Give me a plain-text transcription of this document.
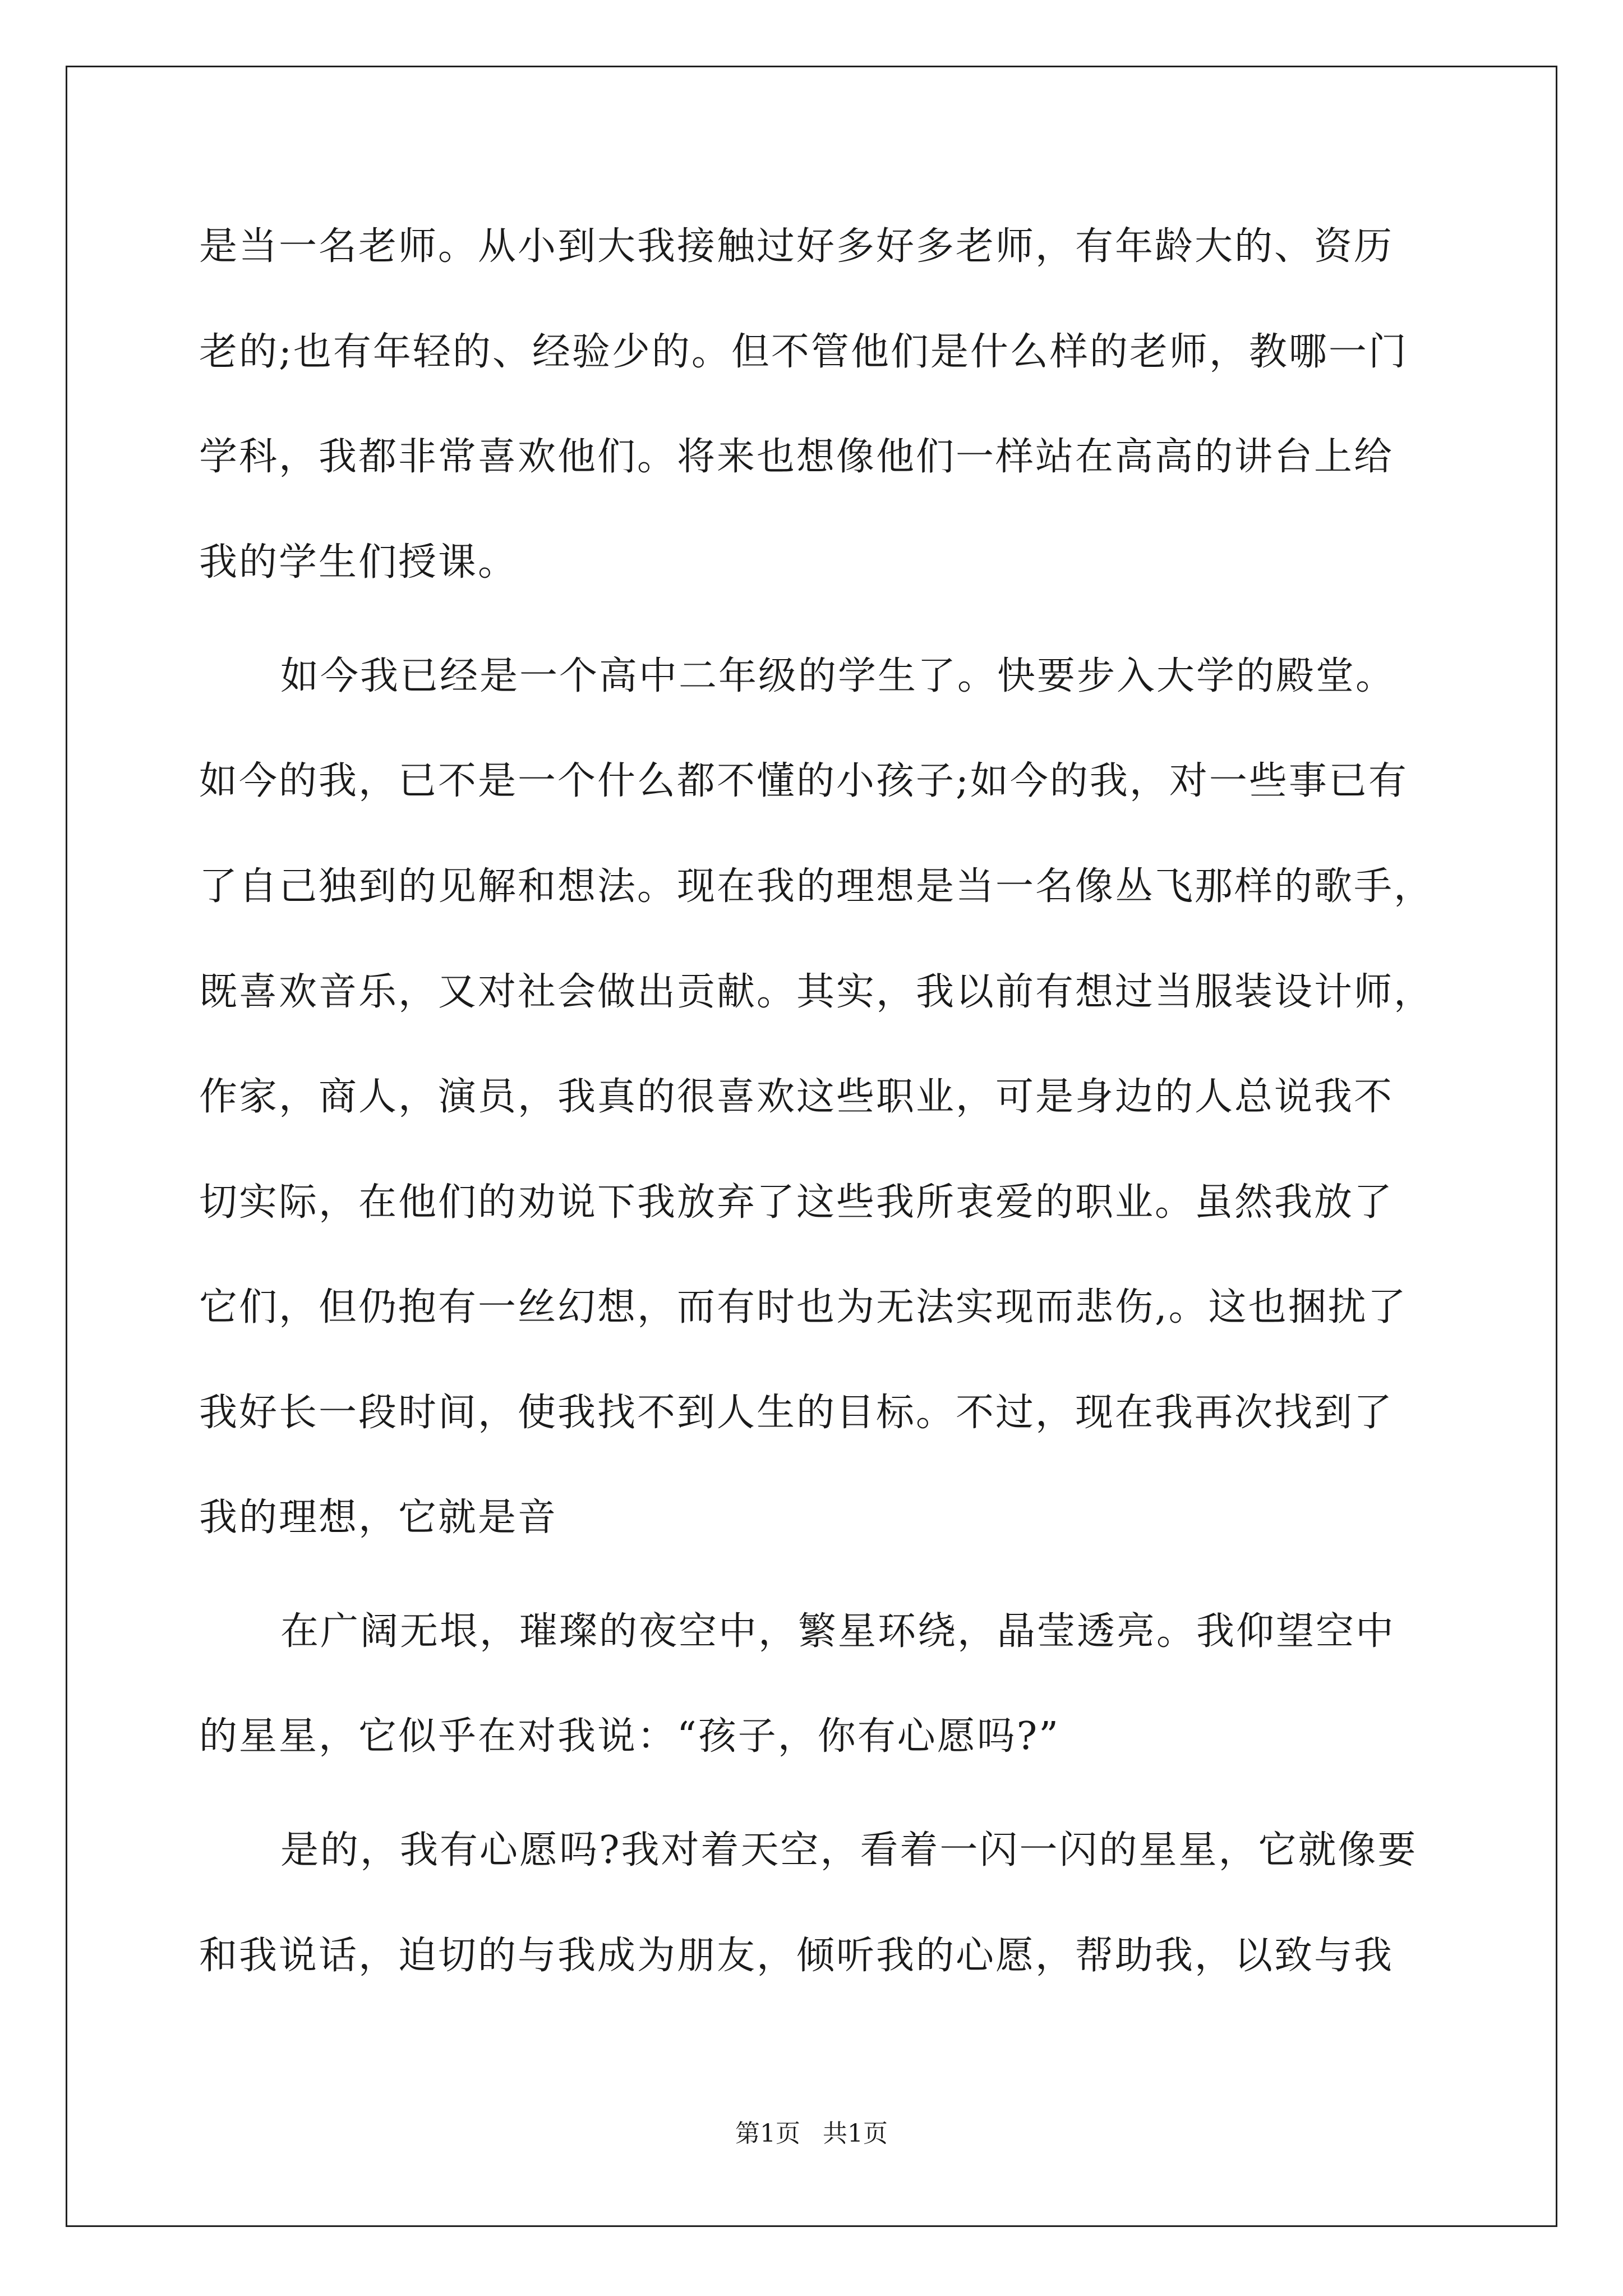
是当一名老师。从小到大我接触过好多好多老师，有年龄大的、资历
老的;也有年轻的、经验少的。但不管他们是什么样的老师，教哪一门
学科，我都非常喜欢他们。将来也想像他们一样站在高高的讲台上给
我的学生们授课。
如今我已经是一个高中二年级的学生了。快要步入大学的殿堂。
如今的我，已不是一个什么都不懂的小孩子;如今的我，对一些事已有
了自己独到的见解和想法。现在我的理想是当一名像丛飞那样的歌手，
既喜欢音乐，又对社会做出贡献。其实，我以前有想过当服装设计师，
作家，商人，演员，我真的很喜欢这些职业，可是身边的人总说我不
切实际，在他们的劝说下我放弃了这些我所衷爱的职业。虽然我放了
它们，但仍抱有一丝幻想，而有时也为无法实现而悲伤,。这也捆扰了
我好长一段时间，使我找不到人生的目标。不过，现在我再次找到了
我的理想，它就是音
在广阔无垠，璀璨的夜空中，繁星环绕，晶莹透亮。我仰望空中
的星星，它似乎在对我说：“孩子，你有心愿吗?”
是的，我有心愿吗?我对着天空，看着一闪一闪的星星，它就像要
和我说话，迫切的与我成为朋友，倾听我的心愿，帮助我，以致与我
第1页 共1页
